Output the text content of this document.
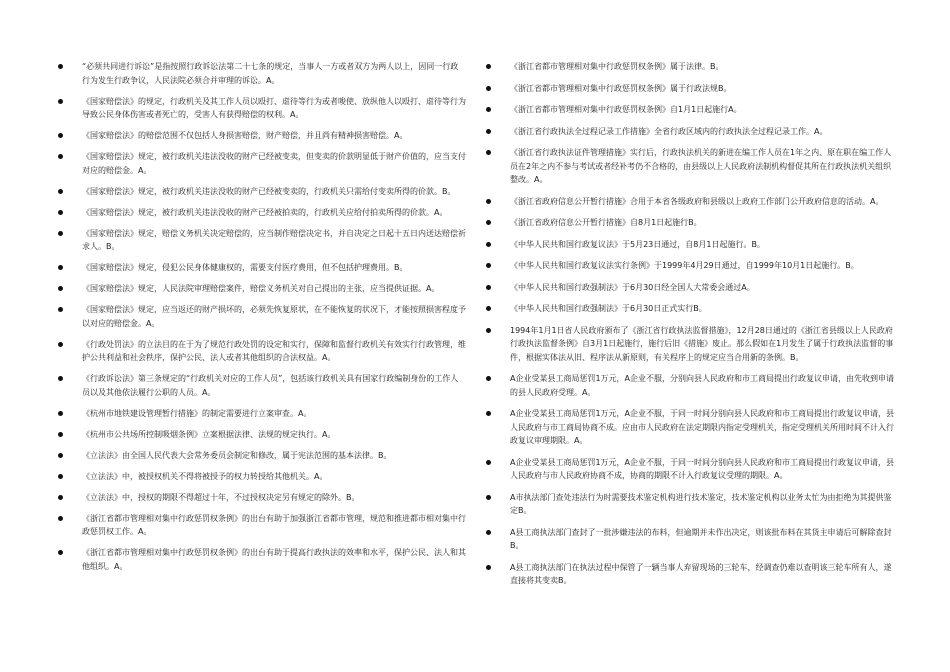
“必须共同进行诉讼”是指按照行政诉讼法第二十七条的规定，当事人一方或者双方为两人以上，因同一行政行为发生行政争议，人民法院必须合并审理的诉讼。A。
《国家赔偿法》的规定，行政机关及其工作人员以殴打、虐待等行为或者唆使、放纵他人以殴打、虐待等行为导致公民身体伤害或者死亡的，受害人有获得赔偿的权利。A。
《国家赔偿法》的赔偿范围不仅包括人身损害赔偿，财产赔偿，并且尚有精神损害赔偿。A。
《国家赔偿法》规定，被行政机关违法没收的财产已经被变卖，但变卖的价款明显低于财产价值的，应当支付对应的赔偿金。A。
《国家赔偿法》规定，被行政机关违法没收的财产已经被变卖的，行政机关只需给付变卖所得的价款。B。
《国家赔偿法》规定，被行政机关违法没收的财产已经被拍卖的，行政机关应给付拍卖所得的价款。A。
《国家赔偿法》规定，赔偿义务机关决定赔偿的，应当制作赔偿决定书，并自决定之日起十五日内送达赔偿祈求人。B。
《国家赔偿法》规定，侵犯公民身体健康权的，需要支付医疗费用，但不包括护理费用。B。
《国家赔偿法》规定，人民法院审理赔偿案件，赔偿义务机关对自己提出的主张，应当提供证据。A。
《国家赔偿法》规定，应当返还的财产损坏的，必须先恢复原状，在不能恢复的状况下，才能按照损害程度予以对应的赔偿金。A。
《行政处罚法》的立法目的在于为了规范行政处罚的设定和实行，保障和监督行政机关有效实行行政管理，维护公共利益和社会秩序，保护公民、法人或者其他组织的合法权益。A。
《行政诉讼法》第三条规定的“行政机关对应的工作人员”，包括该行政机关具有国家行政编制身份的工作人员以及其他依法履行公职的人员。A。
《杭州市地铁建设管理暂行措施》的制定需要进行立案审查。A。
《杭州市公共场所控制吸烟条例》立案根据法律、法规的规定执行。A。
《立法法》由全国人民代表大会常务委员会制定和修改，属于宪法范围的基本法律。B。
《立法法》中，被授权机关不得将被授予的权力转授给其他机关。A。
《立法法》中，授权的期限不得超过十年，不过授权决定另有规定的除外。B。
《浙江省都市管理相对集中行政惩罚权条例》的出台有助于加强浙江省都市管理，规范和推进都市相对集中行政惩罚权工作。A。
《浙江省都市管理相对集中行政惩罚权条例》的出台有助于提高行政执法的效率和水平，保护公民、法人和其他组织。A。
《浙江省都市管理相对集中行政惩罚权条例》属于法律。B。
《浙江省都市管理相对集中行政惩罚权条例》属于行政法规B。
《浙江省都市管理相对集中行政惩罚权条例》自1月1日起施行A。
《浙江省行政执法全过程记录工作措施》全省行政区域内的行政执法全过程记录工作。A。
《浙江省行政执法证件管理措施》实行后，行政执法机关的新进在编工作人员在1年之内、原在职在编工作人员在2年之内不参与考试或者经补考仍不合格的，由县级以上人民政府法制机构督促其所在行政执法机关组织整改。A。
《浙江省政府信息公开暂行措施》合用于本省各级政府和县级以上政府工作部门公开政府信息的活动。A。
《浙江省政府信息公开暂行措施》自8月1日起施行B。
《中华人民共和国行政复议法》于5月23日通过，自8月1日起施行。B。
《中华人民共和国行政复议法实行条例》于1999年4月29日通过，自1999年10月1日起施行。B。
《中华人民共和国行政强制法》于6月30日经全国人大常委会通过A。
《中华人民共和国行政强制法》于6月30日正式实行B。
1994年1月1日省人民政府颁布了《浙江省行政执法监督措施》，12月28日通过的《浙江省县级以上人民政府行政执法监督条例》自3月1日起施行，施行后旧《措施》废止。那么假如在1月发生了属于行政执法监督的事件，根据实体法从旧、程序法从新原则，有关程序上的规定应当合用新的条例。B。
A企业受某县工商局惩罚1万元，A企业不服，分别向县人民政府和市工商局提出行政复议申请，由先收到申请的县人民政府受理。A。
A企业受某县工商局惩罚1万元，A企业不服，于同一时间分别向县人民政府和市工商局提出行政复议申请，县人民政府与市工商局协商不成。应由市人民政府在法定期限内指定受理机关，指定受理机关所用时间不计入行政复议审理期限。A。
A企业受某县工商局惩罚1万元，A企业不服，于同一时间分别向县人民政府和市工商局提出行政复议申请，县人民政府与市人民政府协商不成，协商的期限不计入行政复议受理的期限。A。
A市执法部门查处违法行为时需要技术鉴定机构进行技术鉴定，技术鉴定机构以业务太忙为由拒绝为其提供鉴定B。
A县工商执法部门查封了一批涉嫌违法的布料，但逾期并未作出决定，则该批布料在其货主申请后可解除查封B。
A县工商执法部门在执法过程中保管了一辆当事人弃留现场的三轮车，经调查仍难以查明该三轮车所有人，遂直接将其变卖B。
